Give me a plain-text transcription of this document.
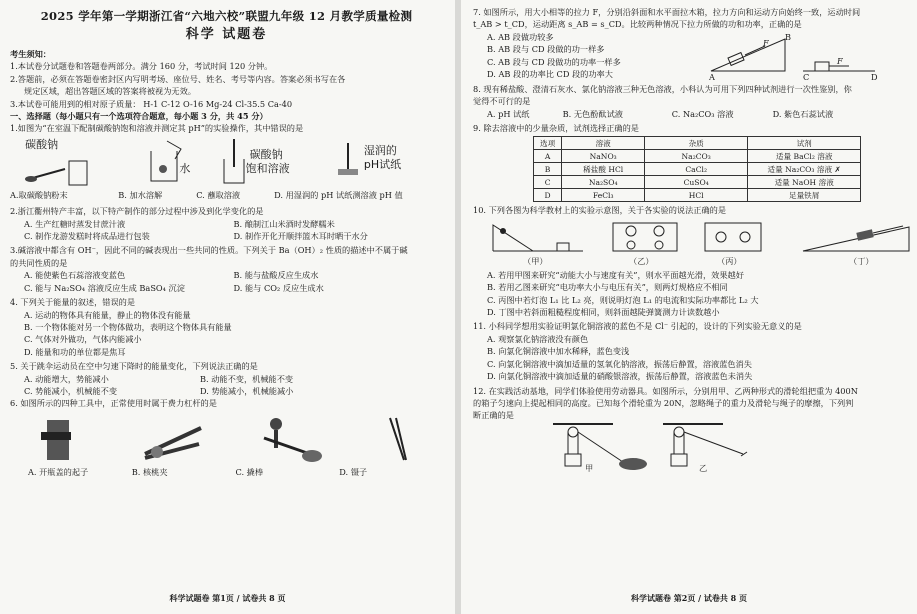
2025 学年第一学期浙江省“六地六校”联盟九年级 12 月教学质量检测
科学 试题卷
考生须知：
1.本试卷分试题卷和答题卷两部分。满分 160 分，考试时间 120 分钟。
2.答题前，必须在答题卷密封区内写明考场、座位号、姓名、考号等内容。答案必须书写在各
规定区域，超出答题区域的答案将被视为无效。
3.本试卷可能用到的相对原子质量： H-1 C-12 O-16 Mg-24 Cl-35.5 Ca-40
一、选择题（每小题只有一个选项符合题意，每小题 3 分，共 45 分）
1.如图为“在室温下配制碳酸钠饱和溶液并测定其 pH”的实验操作，其中错误的是
碳酸钠
水
碳酸钠
饱和溶液
湿润的
pH试纸
A.取碳酸钠粉末	B. 加水溶解	C. 蘸取溶液	D. 用湿润的 pH 试纸测溶液 pH 值
2.浙江衢州特产丰富，以下特产制作的部分过程中涉及到化学变化的是
A. 生产红糖时蒸发甘蔗汁液	B. 酿制江山米酒时发酵糯米
C. 制作龙游发糕时将成品进行包装	D. 制作开化开顺拌篮木耳时晒干水分
3.碱溶液中都含有 OH⁻，因此不同的碱表现出一些共同的性质。下列关于 Ba（OH）₂ 性质的描述中不属于碱
的共同性质的是
A. 能使紫色石蕊溶液变蓝色	B. 能与盐酸反应生成水
C. 能与 Na₂SO₄ 溶液反应生成 BaSO₄ 沉淀	D. 能与 CO₂ 反应生成水
4. 下列关于能量的叙述，错误的是
A. 运动的物体具有能量，静止的物体没有能量
B. 一个物体能对另一个物体做功，表明这个物体具有能量
C. 气体对外做功，气体内能减小
D. 能量和功的单位都是焦耳
5. 关于跳伞运动员在空中匀速下降时的能量变化，下列说法正确的是
A. 动能增大，势能减小	B. 动能不变，机械能不变
C. 势能减小，机械能不变	D. 势能减小，机械能减小
6. 如图所示的四种工具中，正常使用时属于费力杠杆的是
A. 开瓶盖的起子	B. 核桃夹	C. 撬棒	D. 镊子
科学试题卷 第1页 / 试卷共 8 页
7. 如图所示，用大小相等的拉力 F，分别沿斜面和水平面拉木箱，拉力方向和运动方向始终一致，运动时间
t_AB > t_CD，运动距离 s_AB = s_CD。比较两种情况下拉力所做的功和功率，正确的是
A. AB 段做功较多
B. AB 段与 CD 段做的功一样多
C. AB 段与 CD 段做功的功率一样多
D. AB 段的功率比 CD 段的功率大	A
B
C	D
F
F
8. 现有稀盐酸、澄清石灰水、氯化钠溶液三种无色溶液，小科认为可用下列四种试剂进行一次性鉴别，你
觉得不可行的是
A. pH 试纸	B. 无色酚酞试液	C. Na₂CO₃ 溶液	D. 紫色石蕊试液
9. 除去溶液中的少量杂质，试剂选择正确的是
选项	溶液	杂质	试剂
A	NaNO₃	Na₂CO₃	适量 BaCl₂ 溶液
B	稀盐酸 HCl	CaCl₂	适量 Na₂CO₃ 溶液 ✗
C	Na₂SO₄	CuSO₄	适量 NaOH 溶液
D	FeCl₃	HCl	足量铁屑
10. 下列各图为科学教材上的实验示意图，关于各实验的说法正确的是
（甲）	（乙）	（丙）	（丁）
A. 若用甲图来研究“动能大小与速度有关”，则水平面越光滑，效果越好
B. 若用乙图来研究“电功率大小与电压有关”，则两灯规格应不相同
C. 丙图中若灯泡 L₁ 比 L₂ 亮，则说明灯泡 L₁ 的电流和实际功率都比 L₂ 大
D. 丁图中若斜面粗糙程度相同，则斜面越陡弹簧测力计读数越小
11. 小科同学想用实验证明氯化铜溶液的蓝色不是 Cl⁻ 引起的，设计的下列实验无意义的是
A. 观察氯化钠溶液没有颜色
B. 向氯化铜溶液中加水稀释，蓝色变浅
C. 向氯化铜溶液中滴加适量的氢氧化钠溶液，振荡后静置，溶液蓝色消失
D. 向氯化铜溶液中滴加适量的硝酸银溶液，振荡后静置，溶液蓝色未消失
12. 在实践活动基地，同学们体验使用劳动器具。如图所示，分别用甲、乙两种形式的滑轮组把重为 400N
的箱子匀速向上提起相同的高度。已知每个滑轮重为 20N，忽略绳子的重力及滑轮与绳子的摩擦，下列判
断正确的是
甲	乙
科学试题卷 第2页 / 试卷共 8 页
